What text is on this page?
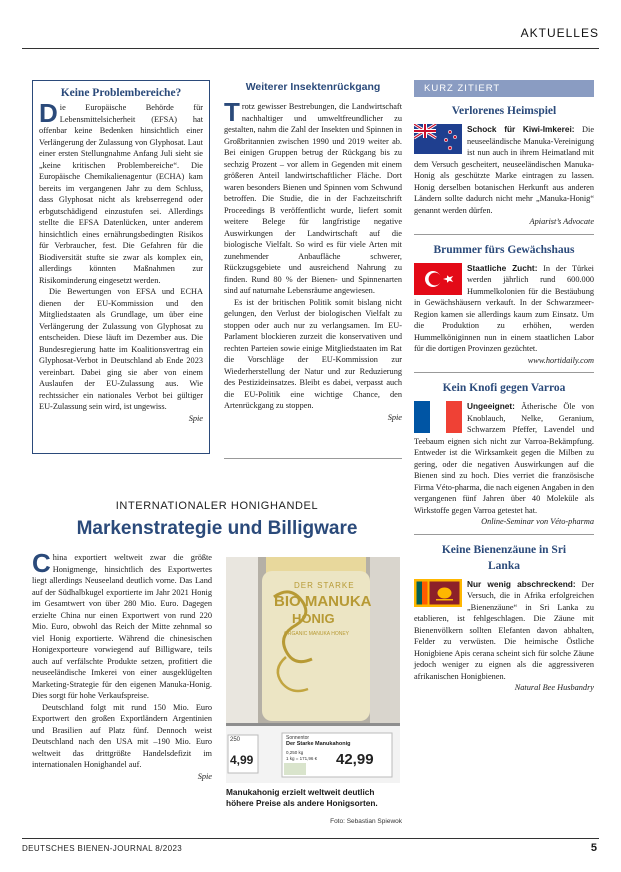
AKTUELLES
Keine Problembereiche?

Die Europäische Behörde für Lebensmittelsicherheit (EFSA) hat offenbar keine Bedenken hinsichtlich einer Verlängerung der Zulassung von Glyphosat. Laut einer ersten Stellungnahme Anfang Juli sieht sie „keine kritischen Problembereiche“. Die Europäische Chemikalienagentur (ECHA) kam bereits im vergangenen Jahr zu dem Schluss, dass Glyphosat nicht als krebserregend oder erbgutschädigend einzustufen sei. Allerdings stellte die EFSA Datenlücken, unter anderem hinsichtlich eines ernährungsbedingten Risikos für Verbraucher, fest. Die Gefahren für die Biodiversität stufte sie zwar als komplex ein, allerdings könnten Maßnahmen zur Risikominderung eingesetzt werden.

Die Bewertungen von EFSA und ECHA dienen der EU-Kommission und den Mitgliedstaaten als Grundlage, um über eine Verlängerung der Zulassung von Glyphosat zu entscheiden. Diese läuft im Dezember aus. Die Bundesregierung hatte im Koalitionsvertrag ein Glyphosat-Verbot in Deutschland ab Ende 2023 vereinbart. Dabei ging sie aber von einem Auslaufen der EU-Zulassung aus. Wie rechtssicher ein nationales Verbot bei gültiger EU-Zulassung sein wird, ist ungewiss.

Spie
Weiterer Insektenrückgang

Trotz gewisser Bestrebungen, die Landwirtschaft nachhaltiger und umweltfreundlicher zu gestalten, nahm die Zahl der Insekten und Spinnen in Großbritannien zwischen 1990 und 2019 weiter ab. Bei einigen Gruppen betrug der Rückgang bis zu sechzig Prozent – vor allem in Gegenden mit einem größeren Anteil landwirtschaftlicher Fläche. Dort waren besonders Bienen und Spinnen vom Schwund betroffen. Die Studie, die in der Fachzeitschrift Proceedings B veröffentlicht wurde, liefert somit weitere Belege für langfristige negative Auswirkungen der Landwirtschaft auf die biologische Vielfalt. So wird es für viele Arten mit zunehmender Anbaufläche schwerer, Rückzugsgebiete und ausreichend Nahrung zu finden. Rund 80 % der Bienen- und Spinnenarten sind auf naturnahe Lebensräume angewiesen.

Es ist der britischen Politik somit bislang nicht gelungen, den Verlust der biologischen Vielfalt zu stoppen oder auch nur zu verlangsamen. Im EU-Parlament blockieren zurzeit die konservativen und rechten Parteien sowie einige Mitgliedstaaten im Rat die Vorschläge der EU-Kommission zur Wiederherstellung der Natur und zur Reduzierung des Pestizideinsatzes. Bleibt es dabei, verpasst auch die EU-Politik eine wichtige Chance, den Artenrückgang zu stoppen.

Spie
KURZ ZITIERT

Verlorenes Heimspiel

Schock für Kiwi-Imkerei: Die neuseeländische Manuka-Vereinigung ist nun auch in ihrem Heimatland mit dem Versuch gescheitert, neuseeländischen Manuka-Honig als geschützte Marke eintragen zu lassen. Honig derselben botanischen Herkunft aus anderen Ländern sollte dadurch nicht mehr „Manuka-Honig“ genannt werden dürfen.

Apiarist’s Advocate

Brummer fürs Gewächshaus

Staatliche Zucht: In der Türkei werden jährlich rund 600.000 Hummelkolonien für die Bestäubung in Gewächshäusern verkauft. In der Schwarzmeer-Region kamen sie allerdings kaum zum Einsatz. Um die Produktion zu erhöhen, werden Hummelköniginnen nun in einem staatlichen Labor für die dortigen Provinzen gezüchtet.

www.hortidaily.com

Kein Knofi gegen Varroa

Ungeeignet: Ätherische Öle von Knoblauch, Nelke, Geranium, Schwarzem Pfeffer, Lavendel und Teebaum eignen sich nicht zur Varroa-Bekämpfung. Entweder ist die Wirksamkeit gegen die Milben zu gering, oder die negativen Auswirkungen auf die Bienen sind zu hoch. Dies verriet die französische Firma Véto-pharma, die nach eigenen Angaben in den vergangenen fünf Jahren über 40 Moleküle als Wirkstoffe gegen Varroa getestet hat.

Online-Seminar von Véto-pharma

Keine Bienenzäune in Sri Lanka

Nur wenig abschreckend: Der Versuch, die in Afrika erfolgreichen „Bienenzäune“ in Sri Lanka zu etablieren, ist fehlgeschlagen. Die Zäune mit Bienenvölkern sollten Elefanten davon abhalten, Felder zu verwüsten. Die heimische Östliche Honigbiene Apis cerana scheint sich für solche Zäune jedoch weniger zu eignen als die aggressiveren afrikanischen Honigbienen.

Natural Bee Husbandry
INTERNATIONALER HONIGHANDEL
Markenstrategie und Billigware

China exportiert weltweit zwar die größte Honigmenge, hinsichtlich des Exportwertes liegt allerdings Neuseeland deutlich vorne. Das Land auf der Südhalbkugel exportierte im Jahr 2021 Honig im Gesamtwert von über 280 Mio. Euro. Dagegen erzielte China nur einen Exportwert von rund 220 Mio. Euro, obwohl das Reich der Mitte zehnmal so viel Honig exportierte. Während die chinesischen Honigexporteure vorwiegend auf Billigware, teils auch auf verfälschte Produkte setzen, profitiert die neuseeländische Imkerei von einer ausgeklügelten Marketing-Strategie für den eigenen Manuka-Honig. Dies sorgt für hohe Verkaufspreise.

Deutschland folgt mit rund 150 Mio. Euro Exportwert den großen Exportländern Argentinien und Brasilien auf Platz fünf. Dennoch weist Deutschland nach den USA mit –190 Mio. Euro weltweit das drittgrößte Handelsdefizit im internationalen Honighandel auf.

Spie
DER STARKE
BIO MANUKA
HONIG
ORGANIC MANUKA HONEY
250
4,99
Sonnentor
Der Starke Manukahonig
0,250 kg
1 kg = 171,96 € 42,99
Manukahonig erzielt weltweit deutlich höhere Preise als andere Honigsorten.
Foto: Sebastian Spiewok
DEUTSCHES BIENEN-JOURNAL 8/2023	5
